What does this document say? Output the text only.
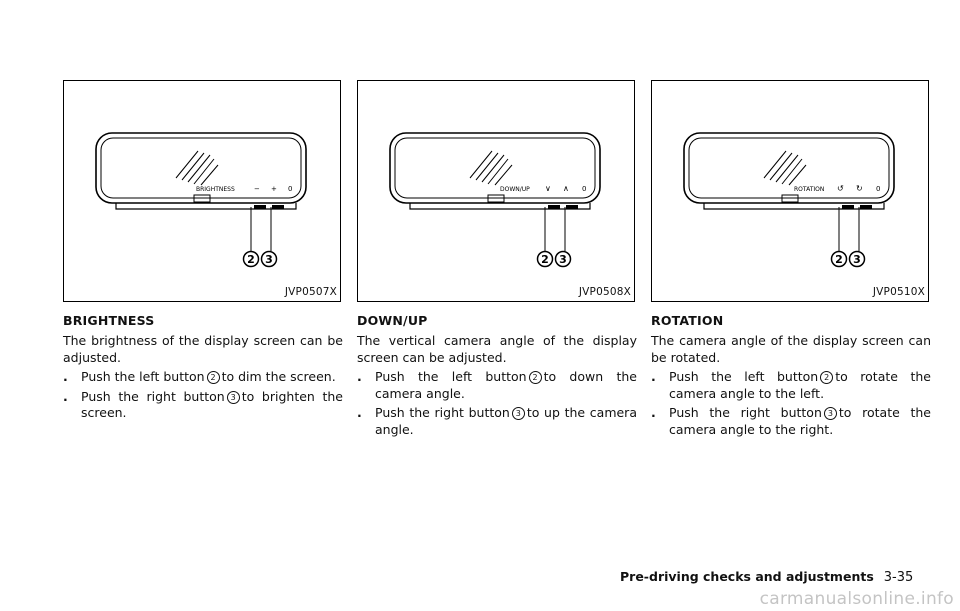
BRIGHTNESS	− + 0
2 3
JVP0507X
BRIGHTNESS
The brightness of the display screen can be adjusted.
. Push the left button 2 to dim the screen.
. Push the right button 3 to brighten the screen.
DOWN/UP ∨ ∧ 0
2 3
JVP0508X
DOWN/UP
The vertical camera angle of the display screen can be adjusted.
. Push the left button 2 to down the camera angle.
. Push the right button 3 to up the camera angle.
ROTATION ↺ ↻ 0
2 3
JVP0510X
ROTATION
The camera angle of the display screen can be rotated.
. Push the left button 2 to rotate the camera angle to the left.
. Push the right button 3 to rotate the camera angle to the right.
Pre-driving checks and adjustments 3-35
carmanualsonline.info
